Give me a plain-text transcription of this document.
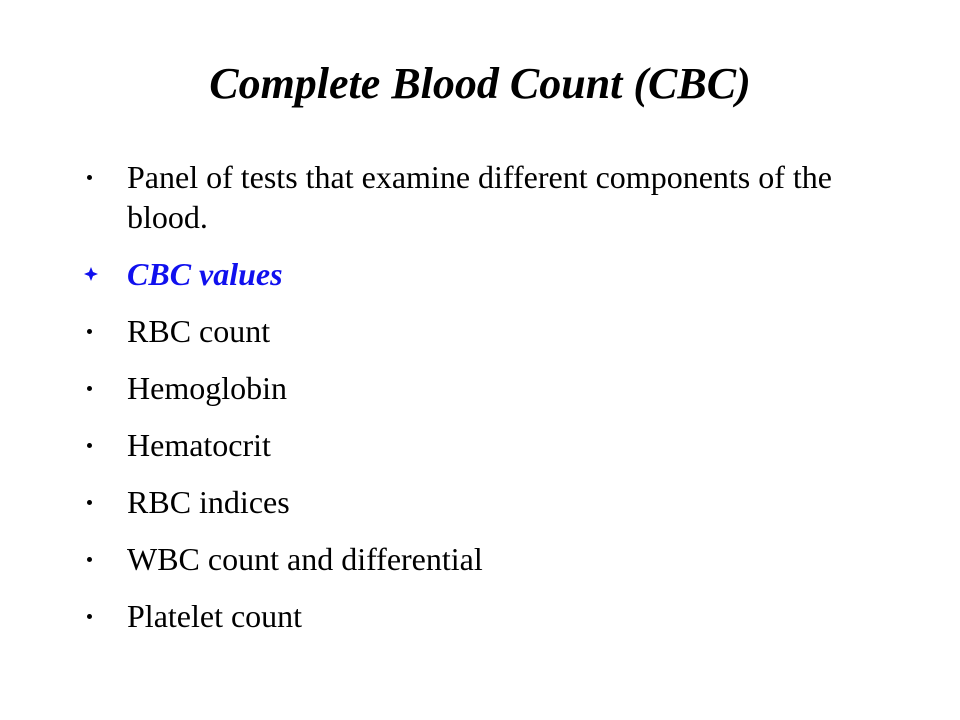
Complete Blood Count (CBC)
Panel of tests that examine different components of the blood.
CBC values
RBC count
Hemoglobin
Hematocrit
RBC indices
WBC count and differential
Platelet count
